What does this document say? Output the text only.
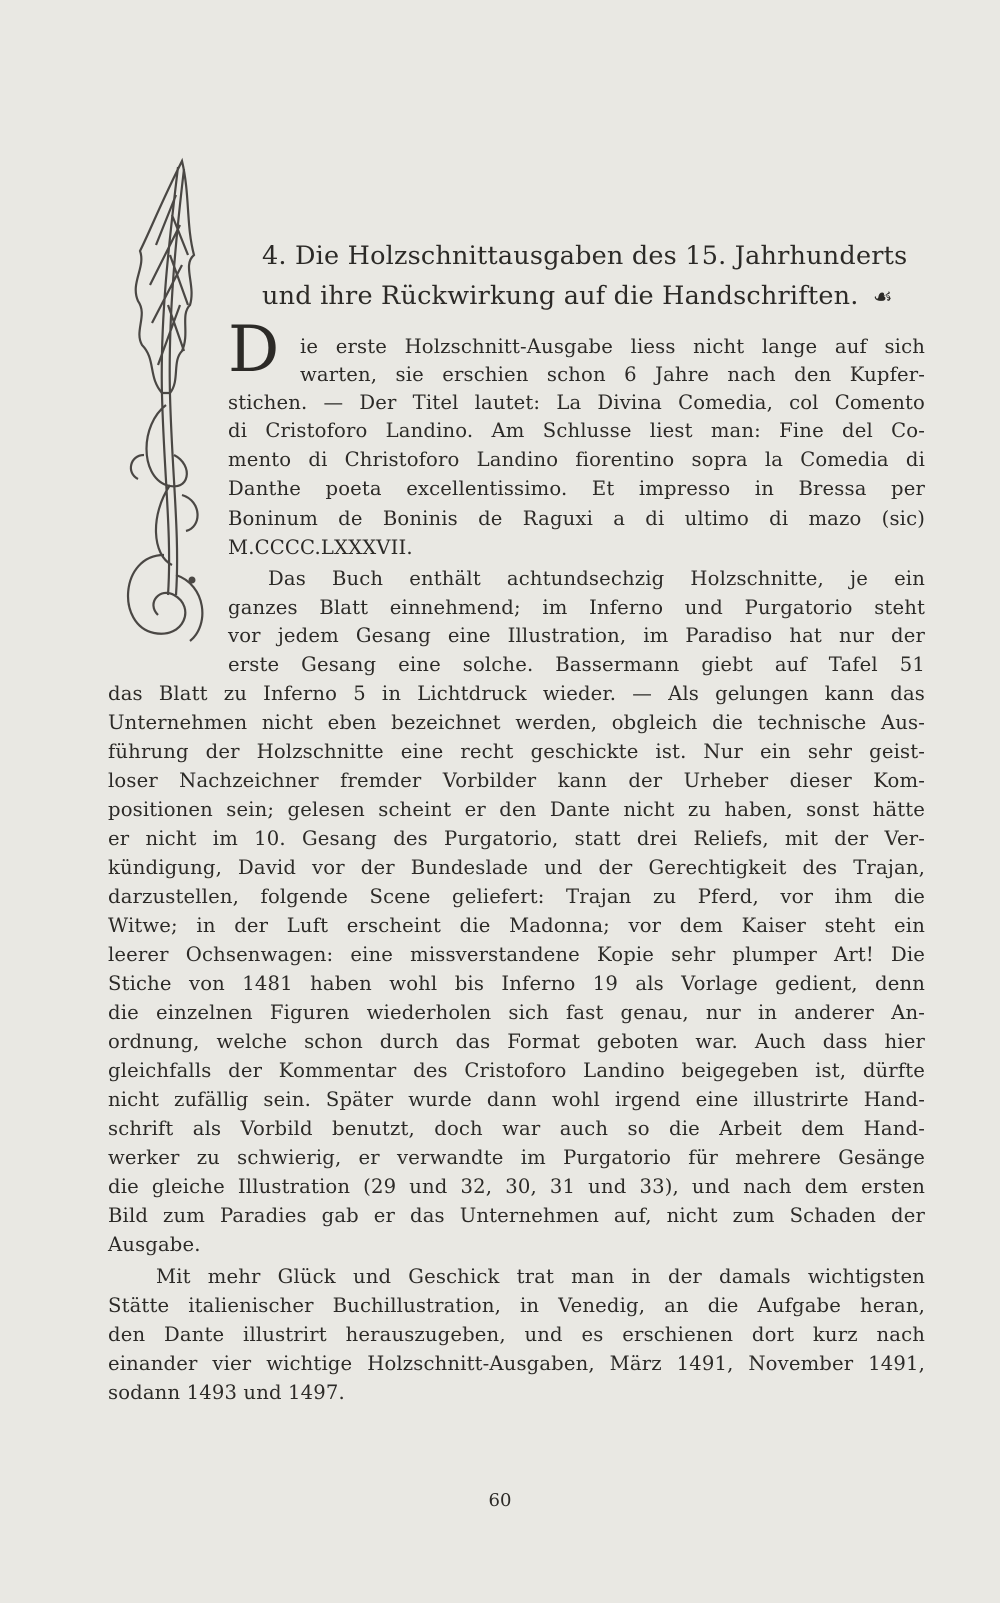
4. Die Holzschnittausgaben des 15. Jahrhunderts
und ihre Rückwirkung auf die Handschriften. ☙
D ie erste Holzschnitt-Ausgabe liess nicht lange auf sich
warten, sie erschien schon 6 Jahre nach den Kupfer-
stichen. — Der Titel lautet: La Divina Comedia, col Comento
di Cristoforo Landino. Am Schlusse liest man: Fine del Co-
mento di Christoforo Landino fiorentino sopra la Comedia di
Danthe poeta excellentissimo. Et impresso in Bressa per
Boninum de Boninis de Raguxi a di ultimo di mazo (sic)
M.CCCC.LXXXVII.
Das Buch enthält achtundsechzig Holzschnitte, je ein
ganzes Blatt einnehmend; im Inferno und Purgatorio steht
vor jedem Gesang eine Illustration, im Paradiso hat nur der
erste Gesang eine solche. Bassermann giebt auf Tafel 51
das Blatt zu Inferno 5 in Lichtdruck wieder. — Als gelungen kann das
Unternehmen nicht eben bezeichnet werden, obgleich die technische Aus-
führung der Holzschnitte eine recht geschickte ist. Nur ein sehr geist-
loser Nachzeichner fremder Vorbilder kann der Urheber dieser Kom-
positionen sein; gelesen scheint er den Dante nicht zu haben, sonst hätte
er nicht im 10. Gesang des Purgatorio, statt drei Reliefs, mit der Ver-
kündigung, David vor der Bundeslade und der Gerechtigkeit des Trajan,
darzustellen, folgende Scene geliefert: Trajan zu Pferd, vor ihm die
Witwe; in der Luft erscheint die Madonna; vor dem Kaiser steht ein
leerer Ochsenwagen: eine missverstandene Kopie sehr plumper Art! Die
Stiche von 1481 haben wohl bis Inferno 19 als Vorlage gedient, denn
die einzelnen Figuren wiederholen sich fast genau, nur in anderer An-
ordnung, welche schon durch das Format geboten war. Auch dass hier
gleichfalls der Kommentar des Cristoforo Landino beigegeben ist, dürfte
nicht zufällig sein. Später wurde dann wohl irgend eine illustrirte Hand-
schrift als Vorbild benutzt, doch war auch so die Arbeit dem Hand-
werker zu schwierig, er verwandte im Purgatorio für mehrere Gesänge
die gleiche Illustration (29 und 32, 30, 31 und 33), und nach dem ersten
Bild zum Paradies gab er das Unternehmen auf, nicht zum Schaden der
Ausgabe.
Mit mehr Glück und Geschick trat man in der damals wichtigsten
Stätte italienischer Buchillustration, in Venedig, an die Aufgabe heran,
den Dante illustrirt herauszugeben, und es erschienen dort kurz nach
einander vier wichtige Holzschnitt-Ausgaben, März 1491, November 1491,
sodann 1493 und 1497.
60
